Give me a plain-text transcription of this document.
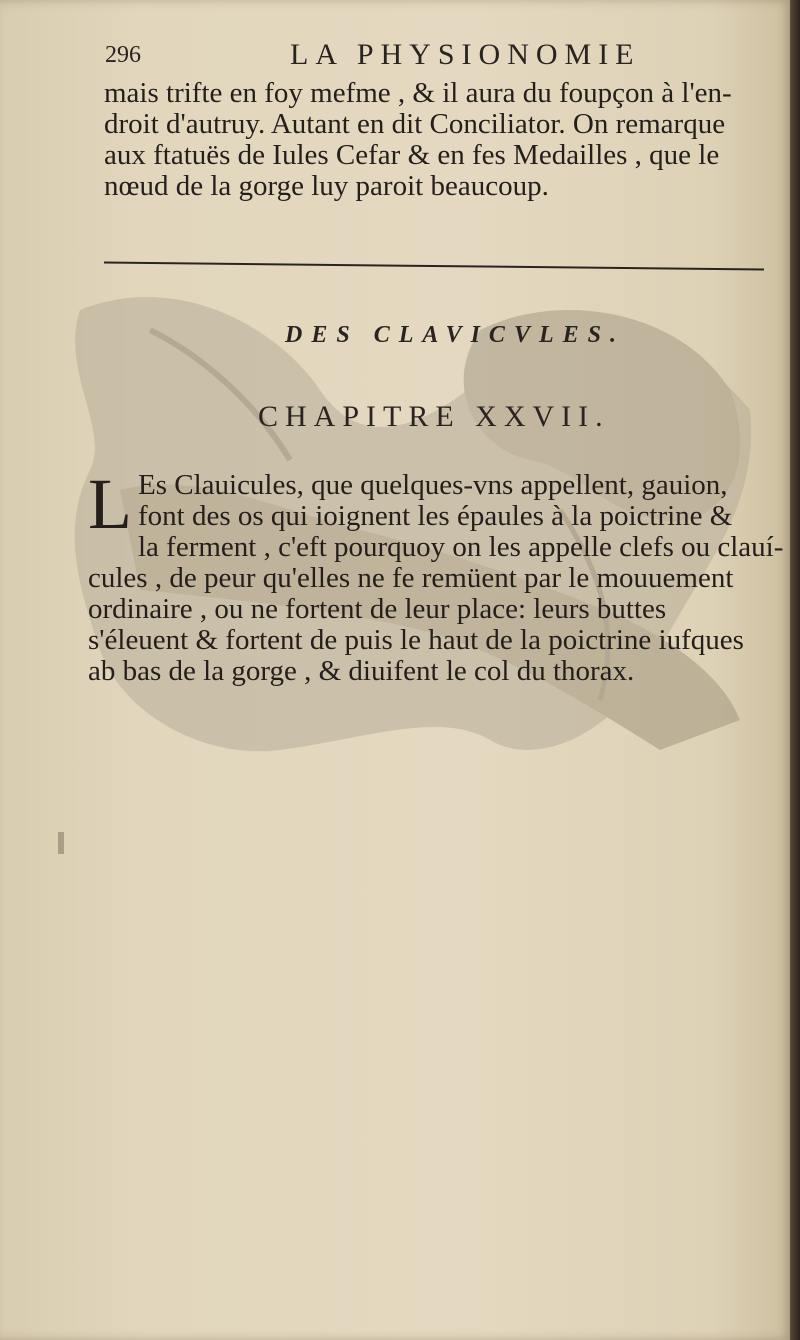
296	LA PHYSIONOMIE

mais trifte en foy mefme , & il aura du foupçon à l'en-
droit d'autruy. Autant en dit Conciliator. On remarque
aux ftatuës de Iules Cefar & en fes Medailles , que le
nœud de la gorge luy paroit beaucoup.

DES CLAVICVLES.
CHAPITRE XXVII.
L Es Clauicules, que quelques-vns appellent, gauion,
font des os qui ioignent les épaules à la poictrine &
la ferment , c'eft pourquoy on les appelle clefs ou clauí-
cules , de peur qu'elles ne fe remüent par le mouuement
ordinaire , ou ne fortent de leur place: leurs buttes
s'éleuent & fortent de puis le haut de la poictrine iufques
ab bas de la gorge , & diuifent le col du thorax.
